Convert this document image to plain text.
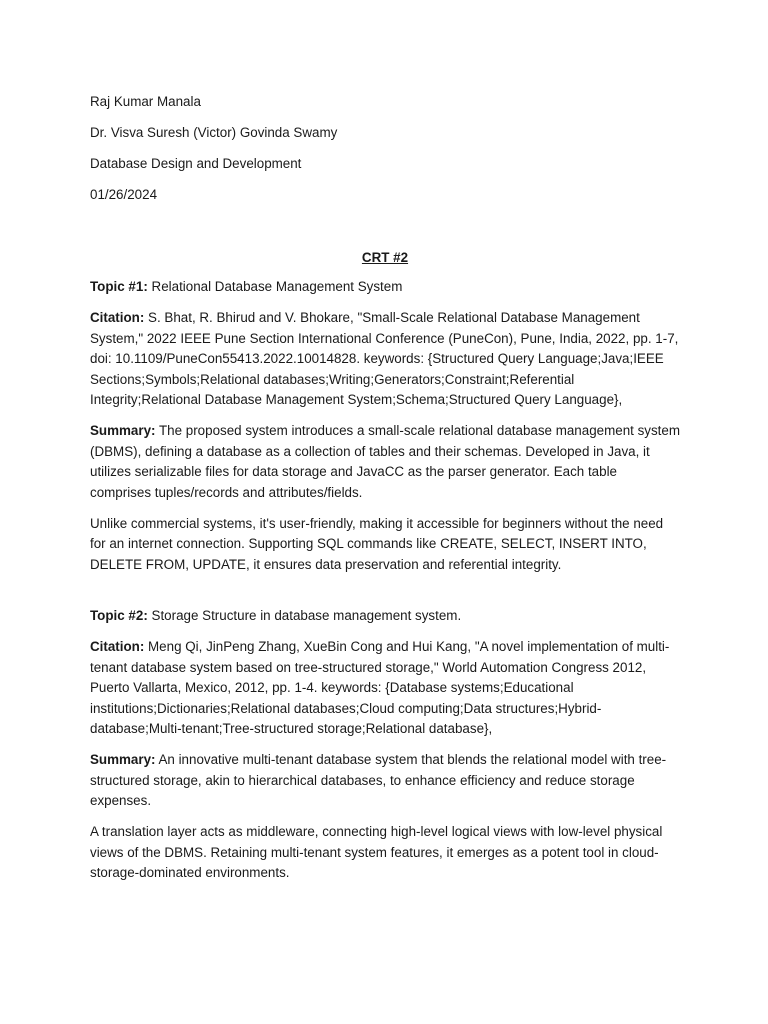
Raj Kumar Manala
Dr. Visva Suresh (Victor) Govinda Swamy
Database Design and Development
01/26/2024
CRT #2
Topic #1: Relational Database Management System
Citation: S. Bhat, R. Bhirud and V. Bhokare, "Small-Scale Relational Database Management System," 2022 IEEE Pune Section International Conference (PuneCon), Pune, India, 2022, pp. 1-7, doi: 10.1109/PuneCon55413.2022.10014828. keywords: {Structured Query Language;Java;IEEE Sections;Symbols;Relational databases;Writing;Generators;Constraint;Referential Integrity;Relational Database Management System;Schema;Structured Query Language},
Summary: The proposed system introduces a small-scale relational database management system (DBMS), defining a database as a collection of tables and their schemas. Developed in Java, it utilizes serializable files for data storage and JavaCC as the parser generator. Each table comprises tuples/records and attributes/fields.
Unlike commercial systems, it's user-friendly, making it accessible for beginners without the need for an internet connection. Supporting SQL commands like CREATE, SELECT, INSERT INTO, DELETE FROM, UPDATE, it ensures data preservation and referential integrity.
Topic #2: Storage Structure in database management system.
Citation: Meng Qi, JinPeng Zhang, XueBin Cong and Hui Kang, "A novel implementation of multi-tenant database system based on tree-structured storage," World Automation Congress 2012, Puerto Vallarta, Mexico, 2012, pp. 1-4. keywords: {Database systems;Educational institutions;Dictionaries;Relational databases;Cloud computing;Data structures;Hybrid-database;Multi-tenant;Tree-structured storage;Relational database},
Summary: An innovative multi-tenant database system that blends the relational model with tree-structured storage, akin to hierarchical databases, to enhance efficiency and reduce storage expenses.
A translation layer acts as middleware, connecting high-level logical views with low-level physical views of the DBMS. Retaining multi-tenant system features, it emerges as a potent tool in cloud-storage-dominated environments.
